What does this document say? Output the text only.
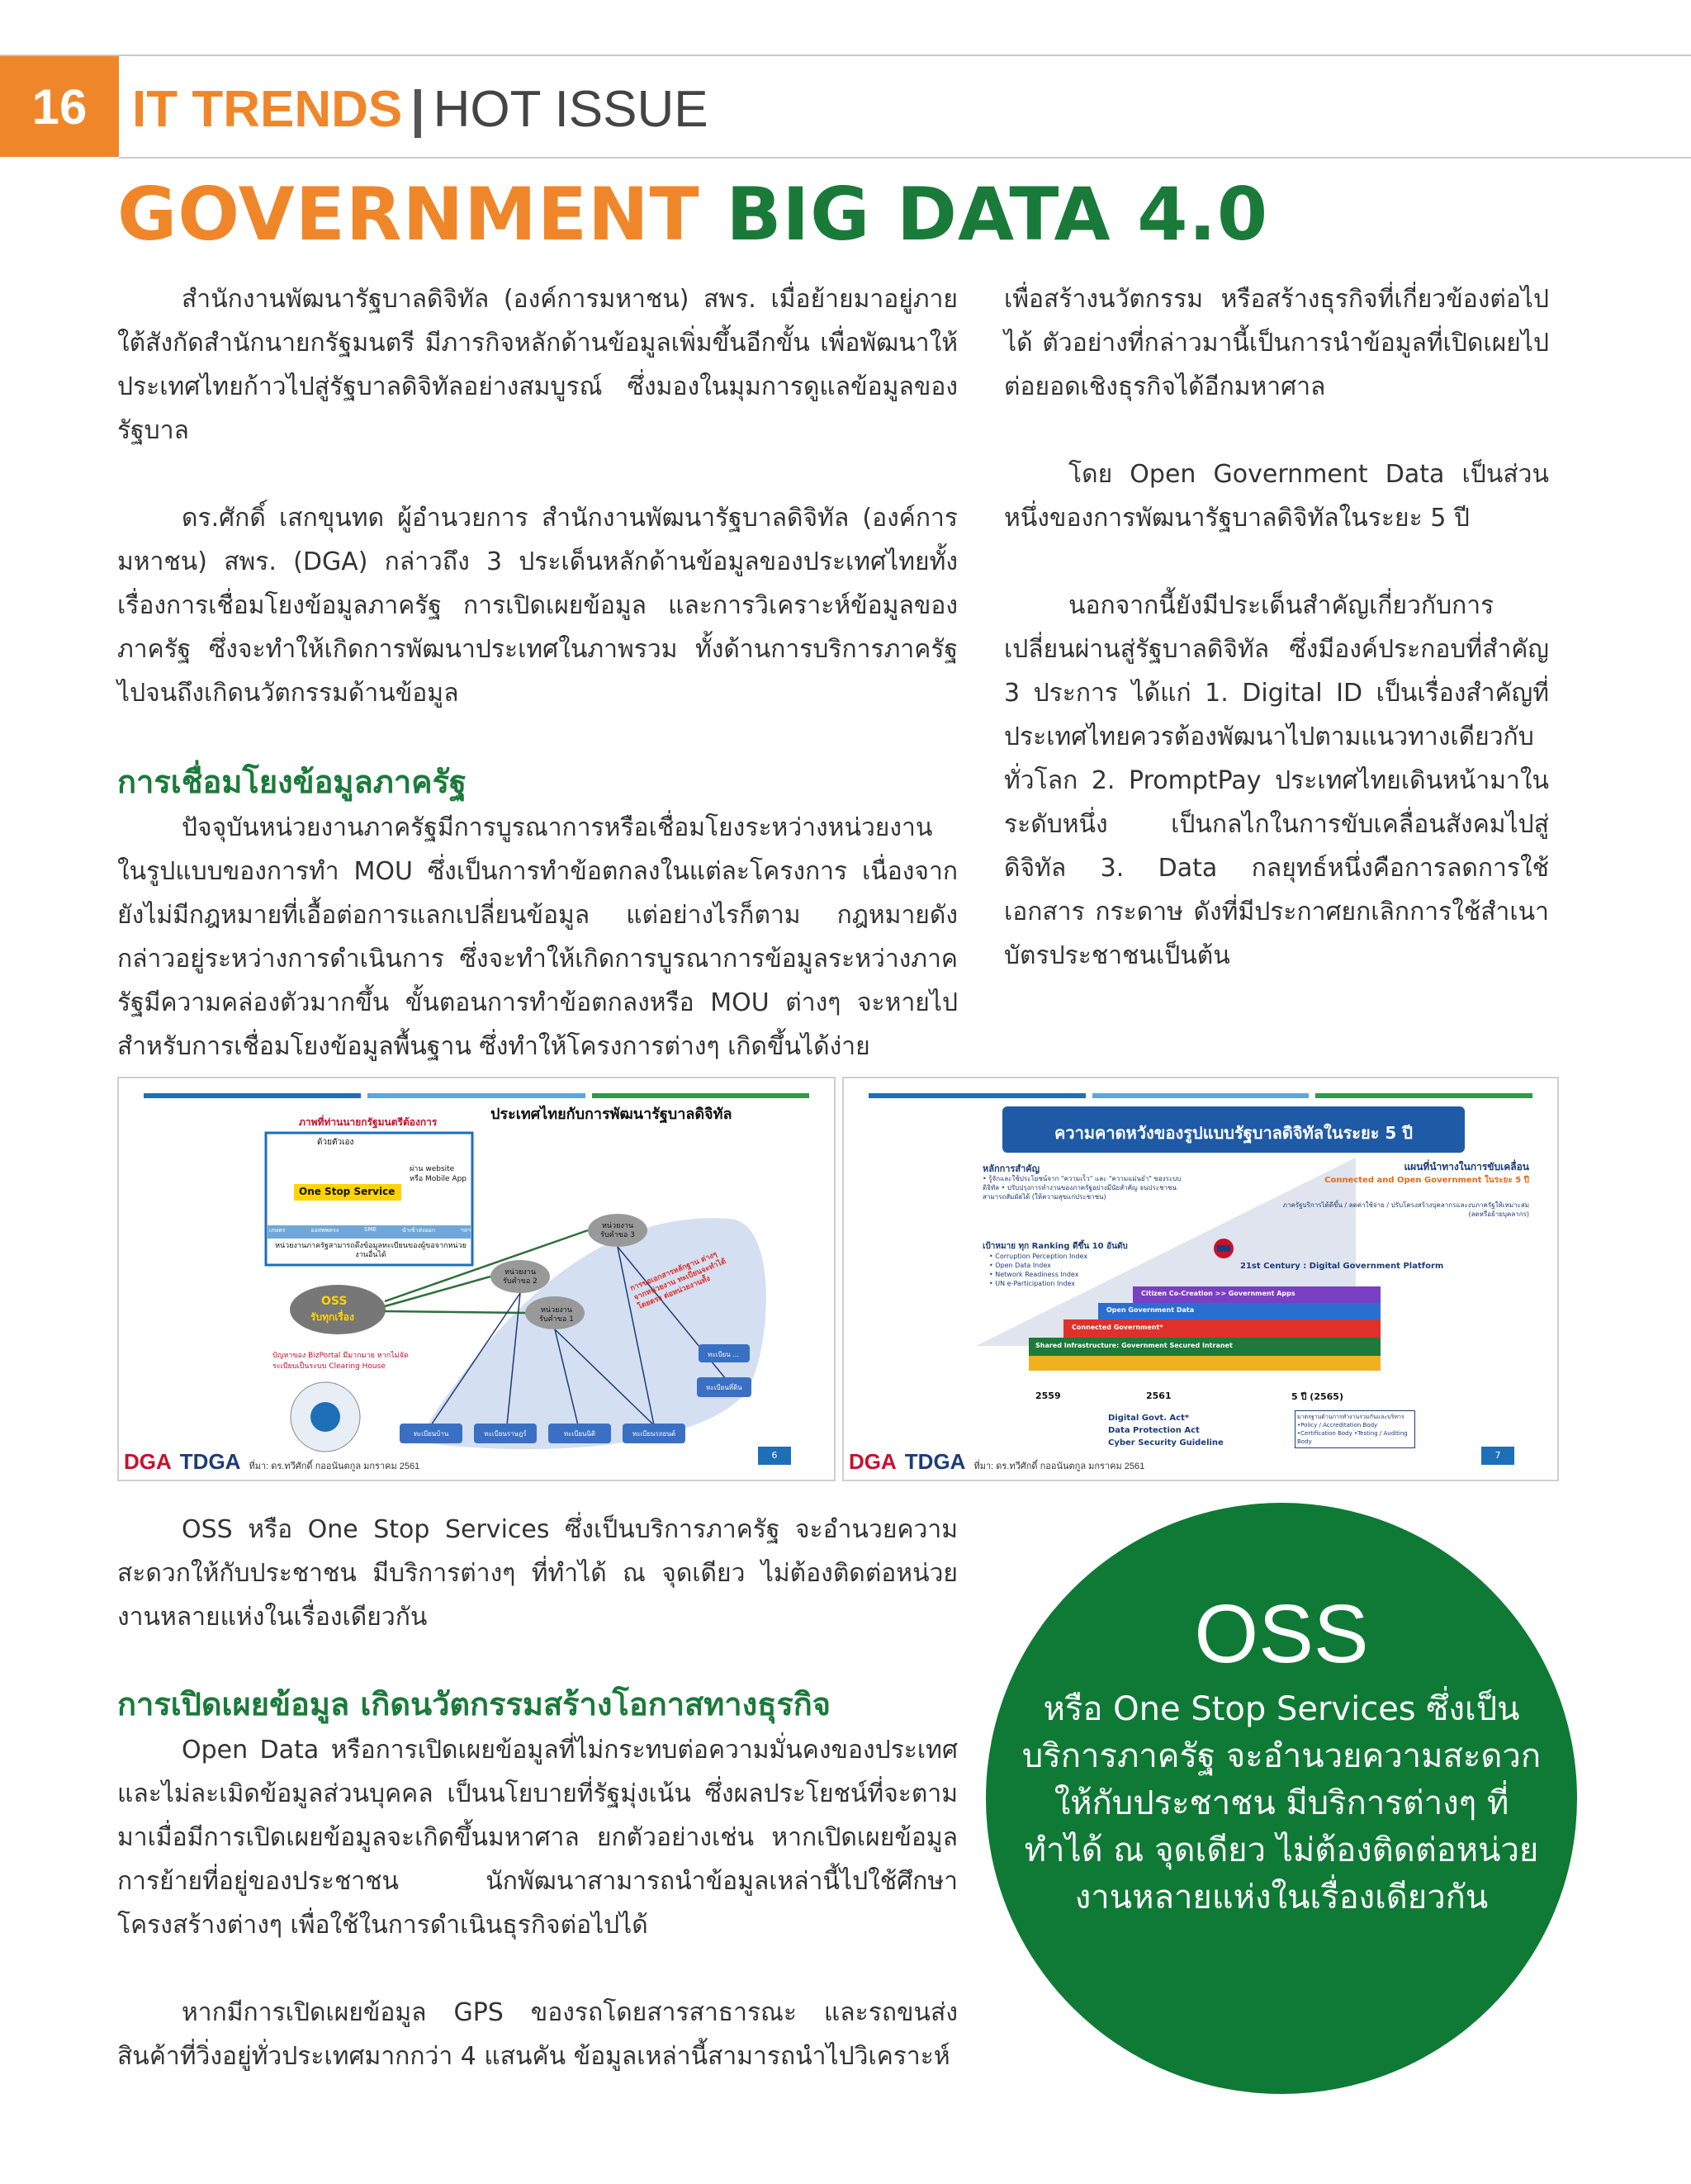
16 IT TRENDS | HOT ISSUE
GOVERNMENT BIG DATA 4.0

สำนักงานพัฒนารัฐบาลดิจิทัล (องค์การมหาชน) สพร. เมื่อย้ายมาอยู่ภายใต้สังกัดสำนักนายกรัฐมนตรี มีภารกิจหลักด้านข้อมูลเพิ่มขึ้นอีกขั้น เพื่อพัฒนาให้ประเทศไทยก้าวไปสู่รัฐบาลดิจิทัลอย่างสมบูรณ์ ซึ่งมองในมุมการดูแลข้อมูลของรัฐบาล

ดร.ศักดิ์ เสกขุนทด ผู้อำนวยการ สำนักงานพัฒนารัฐบาลดิจิทัล (องค์การมหาชน) สพร. (DGA) กล่าวถึง 3 ประเด็นหลักด้านข้อมูลของประเทศไทยทั้งเรื่องการเชื่อมโยงข้อมูลภาครัฐ การเปิดเผยข้อมูล และการวิเคราะห์ข้อมูลของภาครัฐ ซึ่งจะทำให้เกิดการพัฒนาประเทศในภาพรวม ทั้งด้านการบริการภาครัฐ ไปจนถึงเกิดนวัตกรรมด้านข้อมูล

การเชื่อมโยงข้อมูลภาครัฐ

ปัจจุบันหน่วยงานภาครัฐมีการบูรณาการหรือเชื่อมโยงระหว่างหน่วยงานในรูปแบบของการทำ MOU ซึ่งเป็นการทำข้อตกลงในแต่ละโครงการ เนื่องจากยังไม่มีกฎหมายที่เอื้อต่อการแลกเปลี่ยนข้อมูล แต่อย่างไรก็ตาม กฎหมายดังกล่าวอยู่ระหว่างการดำเนินการ ซึ่งจะทำให้เกิดการบูรณาการข้อมูลระหว่างภาครัฐมีความคล่องตัวมากขึ้น ขั้นตอนการทำข้อตกลงหรือ MOU ต่างๆ จะหายไปสำหรับการเชื่อมโยงข้อมูลพื้นฐาน ซึ่งทำให้โครงการต่างๆ เกิดขึ้นได้ง่าย

เพื่อสร้างนวัตกรรม หรือสร้างธุรกิจที่เกี่ยวข้องต่อไปได้ ตัวอย่างที่กล่าวมานี้เป็นการนำข้อมูลที่เปิดเผยไปต่อยอดเชิงธุรกิจได้อีกมหาศาล

โดย Open Government Data เป็นส่วนหนึ่งของการพัฒนารัฐบาลดิจิทัลในระยะ 5 ปี

นอกจากนี้ยังมีประเด็นสำคัญเกี่ยวกับการเปลี่ยนผ่านสู่รัฐบาลดิจิทัล ซึ่งมีองค์ประกอบที่สำคัญ 3 ประการ ได้แก่ 1. Digital ID เป็นเรื่องสำคัญที่ประเทศไทยควรต้องพัฒนาไปตามแนวทางเดียวกับทั่วโลก 2. PromptPay ประเทศไทยเดินหน้ามาในระดับหนึ่ง เป็นกลไกในการขับเคลื่อนสังคมไปสู่ดิจิทัล 3. Data กลยุทธ์หนึ่งคือการลดการใช้เอกสาร กระดาษ ดังที่มีประกาศยกเลิกการใช้สำเนาบัตรประชาชนเป็นต้น

ประเทศไทยกับการพัฒนารัฐบาลดิจิทัล
ภาพที่ท่านนายกรัฐมนตรีต้องการ
ด้วยตัวเอง
ผ่าน website หรือ Mobile App
One Stop Service
เกษตร	ออสพพครง	SME	นำเข้าส่งออก	ฯลฯ
หน่วยงานภาครัฐสามารถดึงข้อมูลทะเบียนของผู้ขอจากหน่วยงานอื่นได้
OSS
รับทุกเรื่อง
หน่วยงาน รับคำขอ 1
หน่วยงาน รับคำขอ 2
หน่วยงาน รับคำขอ 3
การขอเอกสารหลักฐาน ต่างๆ จากหน่วยงาน ทะเบียนจะทำได้โดยตรง ต่อหน่วยงานทั้ง
ปัญหาของ BizPortal มีมากมาย หากไม่จัดระเบียบเป็นระบบ Clearing House
ทะเบียนบ้าน	ทะเบียนราษฎร์	ทะเบียนนิติ	ทะเบียนรถยนต์
ทะเบียน ...
ทะเบียนที่ดิน
DGA TDGA ที่มา: ดร.ทวีศักดิ์ กออนันตกูล มกราคม 2561
6
ความคาดหวังของรูปแบบรัฐบาลดิจิทัลในระยะ 5 ปี
หลักการสำคัญ
• รู้จักและใช้ประโยชน์จาก "ความเร็ว" และ "ความแม่นยำ" ของระบบดิจิทัล • ปรับปรุงการทำงานของภาครัฐอย่างมีนัยสำคัญ จนประชาชนสามารถสัมผัสได้ (ให้ความสุขแก่ประชาชน)
เป้าหมาย ทุก Ranking ดีขึ้น 10 อันดับ
• Corruption Perception Index
• Open Data Index
• Network Readiness Index
• UN e-Participation Index
แผนที่นำทางในการขับเคลื่อน
Connected and Open Government ในระยะ 5 ปี
ภาครัฐบริการได้ดีขึ้น / ลดค่าใช้จ่าย / ปรับโครงสร้างบุคลากรและงบภาครัฐให้เหมาะสม (ลดหรือย้ายบุคลากร)
21st Century : Digital Government Platform
Citizen Co-Creation >> Government Apps
Open Government Data
Connected Government*
Shared Infrastructure: Government Secured Intranet
2559	2561	5 ปี (2565)
Digital Govt. Act*
Data Protection Act
Cyber Security Guideline
มาตรฐานด้านการทำงานร่วมกันและบริหาร •Policy / Accreditation Body •Certification Body •Testing / Auditing Body
DGA TDGA ที่มา: ดร.ทวีศักดิ์ กออนันตกูล มกราคม 2561
7

OSS หรือ One Stop Services ซึ่งเป็นบริการภาครัฐ จะอำนวยความสะดวกให้กับประชาชน มีบริการต่างๆ ที่ทำได้ ณ จุดเดียว ไม่ต้องติดต่อหน่วยงานหลายแห่งในเรื่องเดียวกัน

การเปิดเผยข้อมูล เกิดนวัตกรรมสร้างโอกาสทางธุรกิจ

Open Data หรือการเปิดเผยข้อมูลที่ไม่กระทบต่อความมั่นคงของประเทศและไม่ละเมิดข้อมูลส่วนบุคคล เป็นนโยบายที่รัฐมุ่งเน้น ซึ่งผลประโยชน์ที่จะตามมาเมื่อมีการเปิดเผยข้อมูลจะเกิดขึ้นมหาศาล ยกตัวอย่างเช่น หากเปิดเผยข้อมูลการย้ายที่อยู่ของประชาชน นักพัฒนาสามารถนำข้อมูลเหล่านี้ไปใช้ศึกษาโครงสร้างต่างๆ เพื่อใช้ในการดำเนินธุรกิจต่อไปได้

หากมีการเปิดเผยข้อมูล GPS ของรถโดยสารสาธารณะ และรถขนส่งสินค้าที่วิ่งอยู่ทั่วประเทศมากกว่า 4 แสนคัน ข้อมูลเหล่านี้สามารถนำไปวิเคราะห์

OSS
หรือ One Stop Services ซึ่งเป็นบริการภาครัฐ จะอำนวยความสะดวกให้กับประชาชน มีบริการต่างๆ ที่ทำได้ ณ จุดเดียว ไม่ต้องติดต่อหน่วยงานหลายแห่งในเรื่องเดียวกัน
